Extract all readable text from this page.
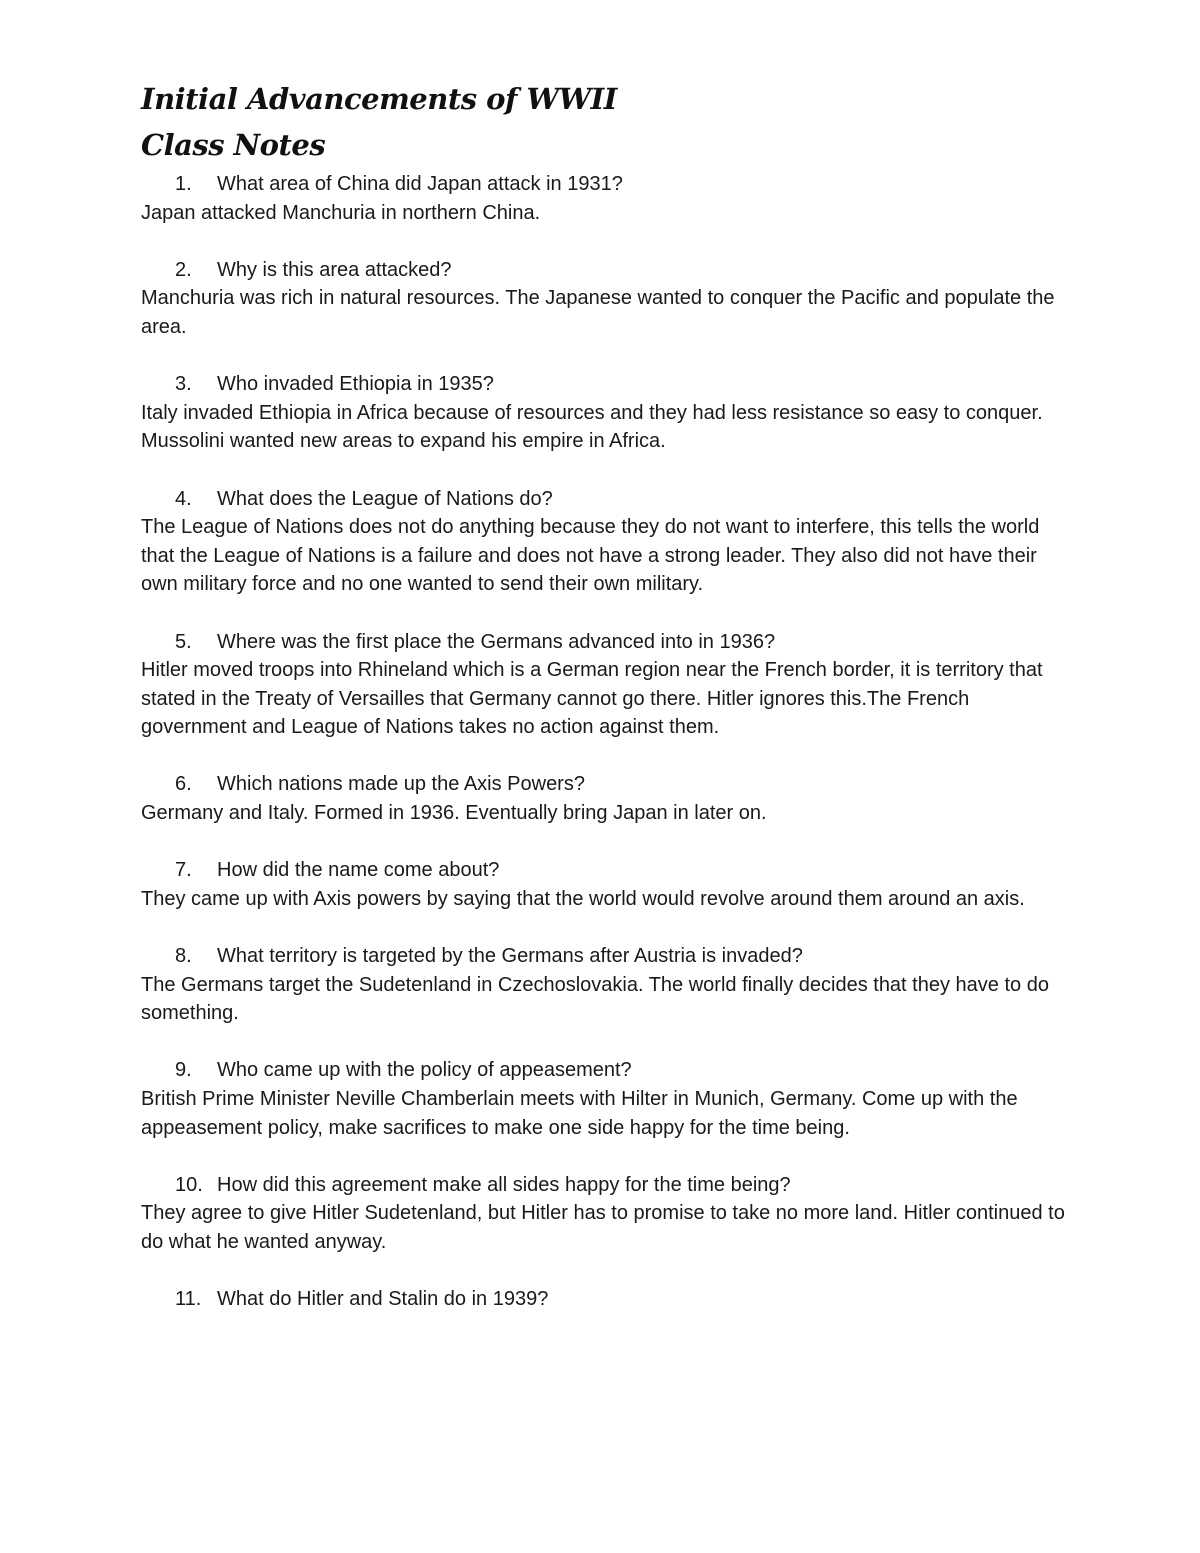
Initial Advancements of WWII
Class Notes
1.	What area of China did Japan attack in 1931?

Japan attacked Manchuria in northern China.

2.	Why is this area attacked?

Manchuria was rich in natural resources. The Japanese wanted to conquer the Pacific and populate the area.

3.	Who invaded Ethiopia in 1935?

Italy invaded Ethiopia in Africa because of resources and they had less resistance so easy to conquer. Mussolini wanted new areas to expand his empire in Africa.

4.	What does the League of Nations do?

The League of Nations does not do anything because they do not want to interfere, this tells the world that the League of Nations is a failure and does not have a strong leader. They also did not have their own military force and no one wanted to send their own military.

5.	Where was the first place the Germans advanced into in 1936?

Hitler moved troops into Rhineland which is a German region near the French border, it is territory that stated in the Treaty of Versailles that Germany cannot go there. Hitler ignores this.The French government and League of Nations takes no action against them.

6.	Which nations made up the Axis Powers?

Germany and Italy. Formed in 1936. Eventually bring Japan in later on.

7.	How did the name come about?

They came up with Axis powers by saying that the world would revolve around them around an axis.

8.	What territory is targeted by the Germans after Austria is invaded?

The Germans target the Sudetenland in Czechoslovakia. The world finally decides that they have to do something.

9.	Who came up with the policy of appeasement?

British Prime Minister Neville Chamberlain meets with Hilter in Munich, Germany. Come up with the appeasement policy, make sacrifices to make one side happy for the time being.

10. How did this agreement make all sides happy for the time being?

They agree to give Hitler Sudetenland, but Hitler has to promise to take no more land. Hitler continued to do what he wanted anyway.

11. What do Hitler and Stalin do in 1939?
